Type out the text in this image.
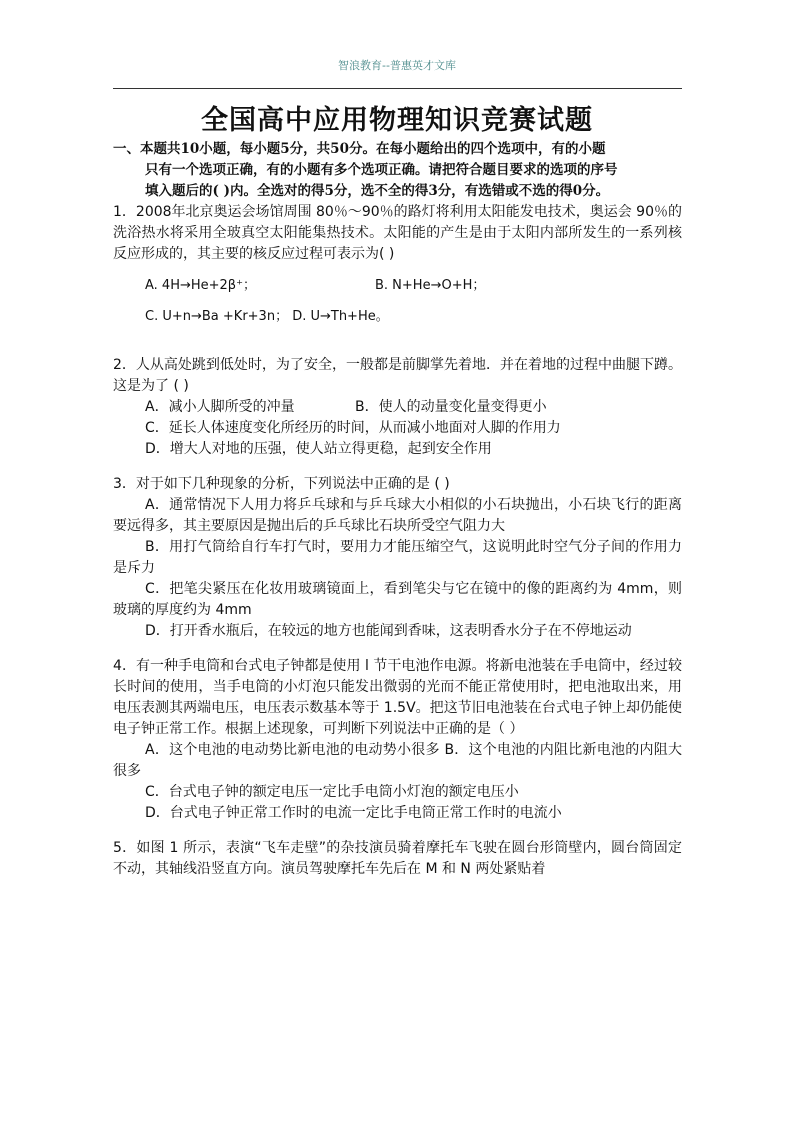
智浪教育--普惠英才文库
全国高中应用物理知识竞赛试题

一、本题共10小题，每小题5分，共50分。在每小题给出的四个选项中，有的小题

只有一个选项正确，有的小题有多个选项正确。请把符合题目要求的选项的序号

填入题后的( )内。全选对的得5分，选不全的得3分，有选错或不选的得0分。

1．2008年北京奥运会场馆周围 80％～90％的路灯将利用太阳能发电技术，奥运会 90％的洗浴热水将采用全玻真空太阳能集热技术。太阳能的产生是由于太阳内部所发生的一系列核反应形成的，其主要的核反应过程可表示为( )

A. 4H→He+2β⁺；	B. N+He→O+H；

C. U+n→Ba +Kr+3n； D. U→Th+He。

2．人从高处跳到低处时，为了安全，一般都是前脚掌先着地．并在着地的过程中曲腿下蹲。这是为了 ( )

A．减小人脚所受的冲量　　　　	B．使人的动量变化量变得更小

C．延长人体速度变化所经历的时间，从而减小地面对人脚的作用力

D．增大人对地的压强，使人站立得更稳，起到安全作用

3．对于如下几种现象的分析，下列说法中正确的是 ( )

A．通常情况下人用力将乒乓球和与乒乓球大小相似的小石块抛出，小石块飞行的距离要远得多，其主要原因是抛出后的乒乓球比石块所受空气阻力大

B．用打气筒给自行车打气时，要用力才能压缩空气，这说明此时空气分子间的作用力是斥力

C．把笔尖紧压在化妆用玻璃镜面上，看到笔尖与它在镜中的像的距离约为 4mm，则玻璃的厚度约为 4mm

D．打开香水瓶后，在较远的地方也能闻到香味，这表明香水分子在不停地运动

4．有一种手电筒和台式电子钟都是使用 l 节干电池作电源。将新电池装在手电筒中，经过较长时间的使用，当手电筒的小灯泡只能发出微弱的光而不能正常使用时，把电池取出来，用电压表测其两端电压，电压表示数基本等于 1.5V。把这节旧电池装在台式电子钟上却仍能使电子钟正常工作。根据上述现象，可判断下列说法中正确的是（ ）

A．这个电池的电动势比新电池的电动势小很多 B．这个电池的内阻比新电池的内阻大很多

C．台式电子钟的额定电压一定比手电筒小灯泡的额定电压小

D．台式电子钟正常工作时的电流一定比手电筒正常工作时的电流小

5．如图 1 所示，表演“飞车走壁”的杂技演员骑着摩托车飞驶在圆台形筒壁内，圆台筒固定不动，其轴线沿竖直方向。演员驾驶摩托车先后在 M 和 N 两处紧贴着
